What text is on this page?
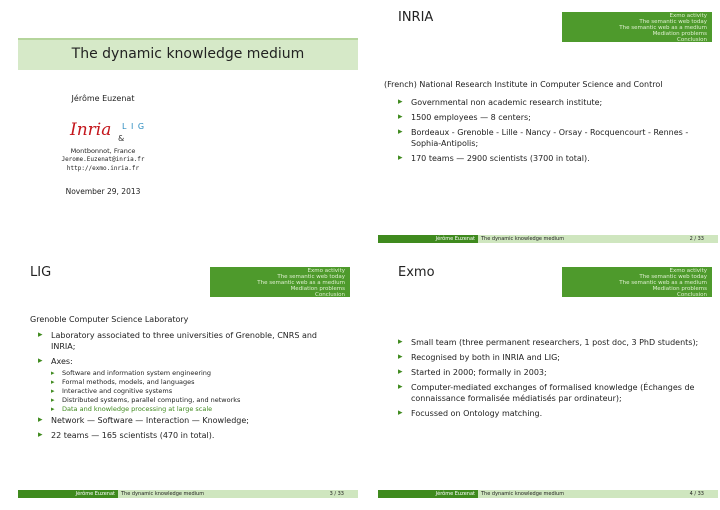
The dynamic knowledge medium
Jérôme Euzenat
Inria &
L I G
Montbonnot, France
Jerome.Euzenat@inria.fr
http://exmo.inria.fr
November 29, 2013
INRIA	Exmo activity
The semantic web today
The semantic web as a medium
Mediation problems
Conclusion
(French) National Research Institute in Computer Science and Control
▸ Governmental non academic research institute;
▸ 1500 employees — 8 centers;
▸ Bordeaux - Grenoble - Lille - Nancy - Orsay - Rocquencourt - Rennes - Sophia-Antipolis;
▸ 170 teams — 2900 scientists (3700 in total).
Jérôme Euzenat	The dynamic knowledge medium	2 / 33
LIG	Exmo activity
The semantic web today
The semantic web as a medium
Mediation problems
Conclusion
Grenoble Computer Science Laboratory
▸ Laboratory associated to three universities of Grenoble, CNRS and INRIA;
▸ Axes:
▸ Software and information system engineering
▸ Formal methods, models, and languages
▸ Interactive and cognitive systems
▸ Distributed systems, parallel computing, and networks
▸ Data and knowledge processing at large scale
▸ Network — Software — Interaction — Knowledge;
▸ 22 teams — 165 scientists (470 in total).
Jérôme Euzenat	The dynamic knowledge medium	3 / 33
Exmo	Exmo activity
The semantic web today
The semantic web as a medium
Mediation problems
Conclusion
▸ Small team (three permanent researchers, 1 post doc, 3 PhD students);
▸ Recognised by both in INRIA and LIG;
▸ Started in 2000; formally in 2003;
▸ Computer-mediated exchanges of formalised knowledge (Échanges de connaissance formalisée médiatisés par ordinateur);
▸ Focussed on Ontology matching.
Jérôme Euzenat	The dynamic knowledge medium	4 / 33
